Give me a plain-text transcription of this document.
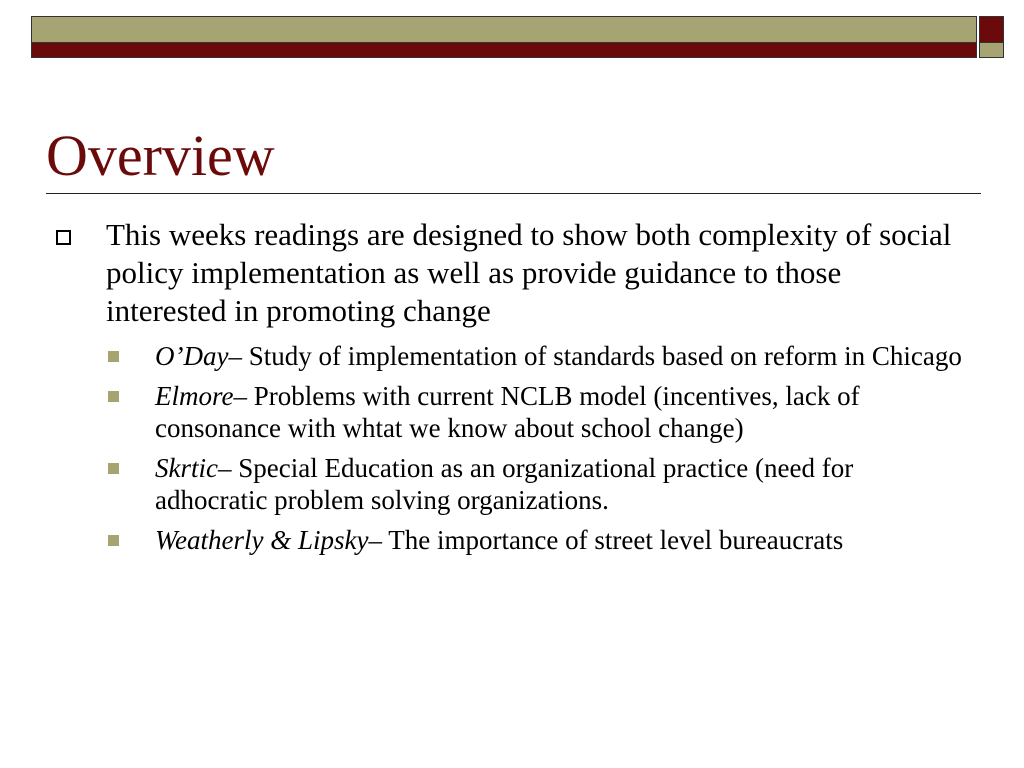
Overview
This weeks readings are designed to show both complexity of social policy implementation as well as provide guidance to those interested in promoting change
O’Day– Study of implementation of standards based on reform in Chicago
Elmore– Problems with current NCLB model (incentives, lack of consonance with whtat we know about school change)
Skrtic– Special Education as an organizational practice (need for adhocratic problem solving organizations.
Weatherly & Lipsky– The importance of street level bureaucrats
